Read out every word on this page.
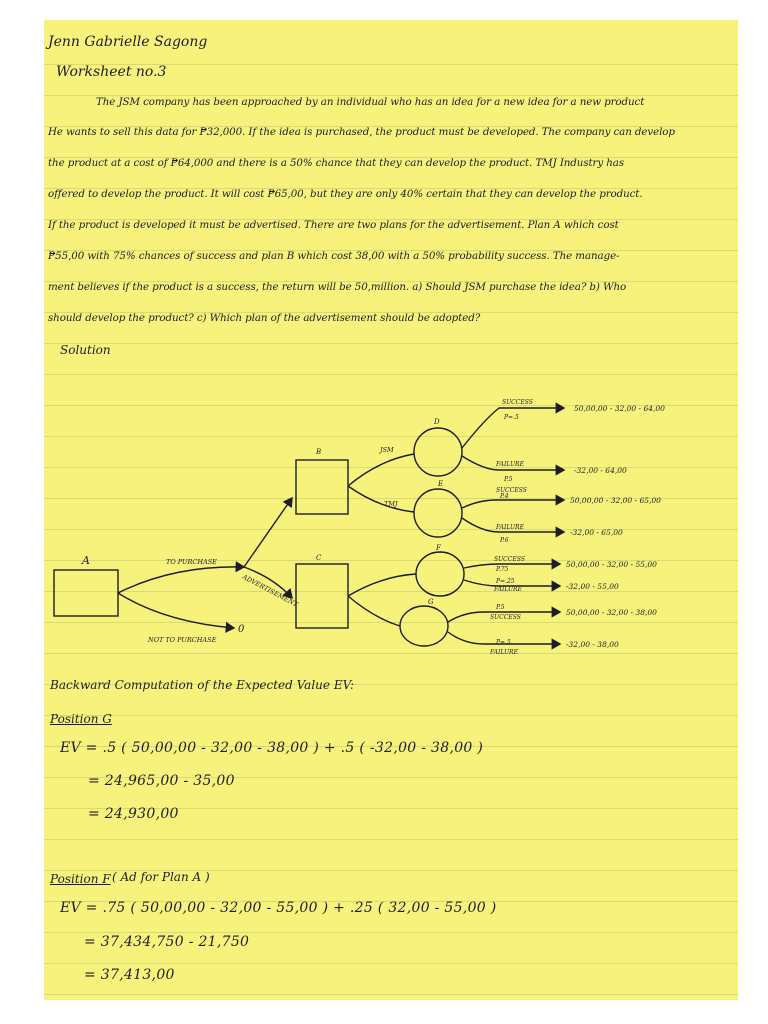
Jenn Gabrielle Sagong
Worksheet no.3
The JSM company has been approached by an individual who has an idea for a new idea for a new product
He wants to sell this data for ₱32,000. If the idea is purchased, the product must be developed. The company can develop
the product at a cost of ₱64,000 and there is a 50% chance that they can develop the product. TMJ Industry has
offered to develop the product. It will cost ₱65,00, but they are only 40% certain that they can develop the product.
If the product is developed it must be advertised. There are two plans for the advertisement. Plan A which cost
₱55,00 with 75% chances of success and plan B which cost 38,00 with a 50% probability success. The manage-
ment believes if the product is a success, the return will be 50,million. a) Should JSM purchase the idea? b) Who
should develop the product? c) Which plan of the advertisement should be adopted?
Solution
A
B
C
D
E
F
G
0
TO PURCHASE
NOT TO PURCHASE
ADVERTISEMENT
JSM
TMJ
SUCCESS
P=.5
50,00,00 - 32,00 - 64,00
FAILURE
P.5
-32,00 - 64,00
SUCCESS
P.4	50,00,00 - 32,00 - 65,00
FAILURE
P.6
-32,00 - 65,00
SUCCESS
P.75
50,00,00 - 32,00 - 55,00
FAILURE
P=.25
-32,00 - 55,00
SUCCESS
P.5
50,00,00 - 32,00 - 38,00
FAILURE
P=.5	-32,00 - 38,00
Backward Computation of the Expected Value EV:
Position G
EV = .5 ( 50,00,00 - 32,00 - 38,00 ) + .5 ( -32,00 - 38,00 )
= 24,965,00 - 35,00
= 24,930,00
Position F ( Ad for Plan A )
EV = .75 ( 50,00,00 - 32,00 - 55,00 ) + .25 ( 32,00 - 55,00 )
= 37,434,750 - 21,750
= 37,413,00
